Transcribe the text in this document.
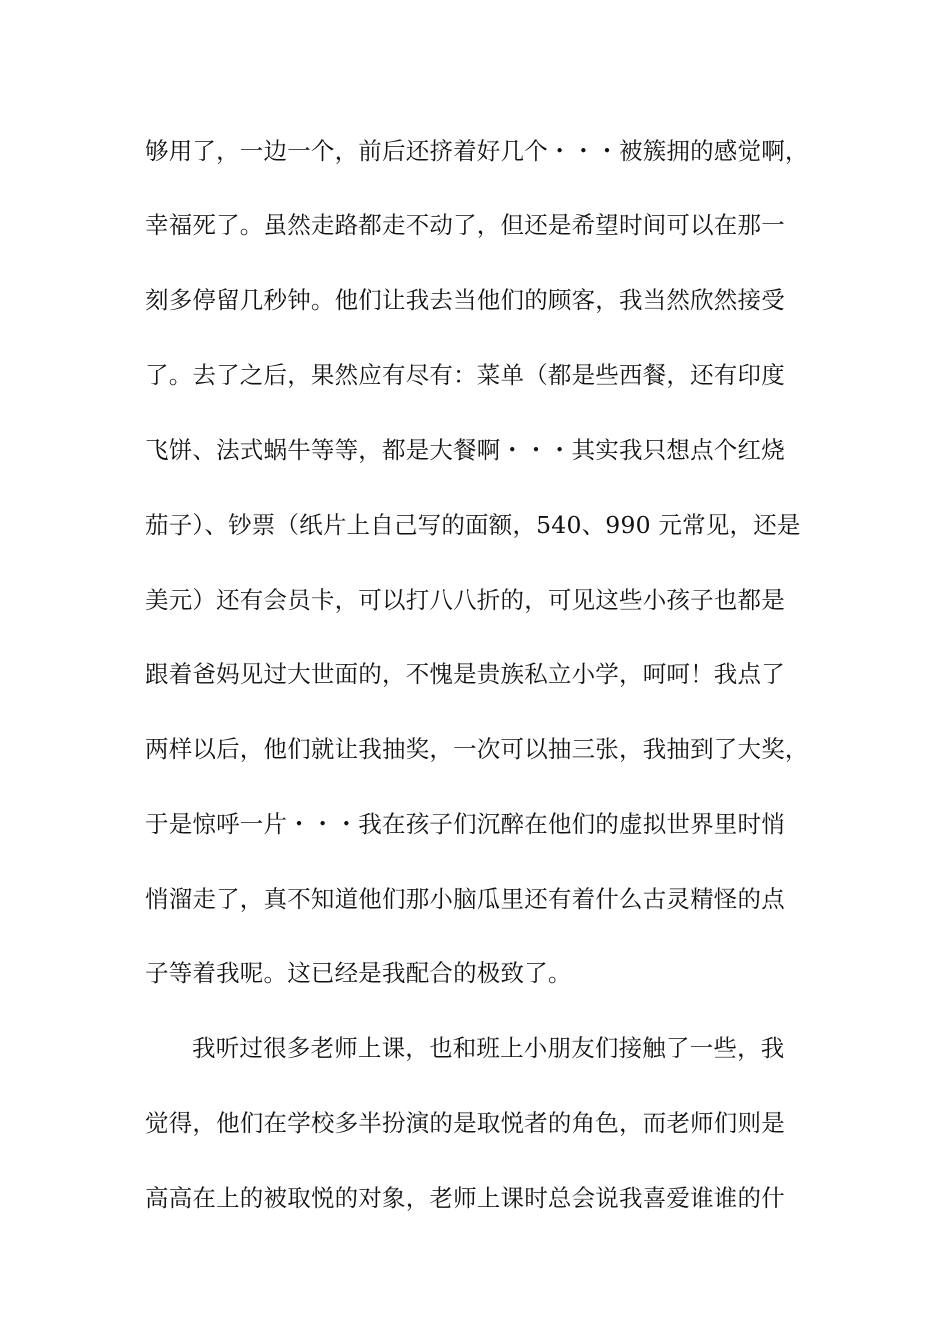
够用了，一边一个，前后还挤着好几个・・・被簇拥的感觉啊，
幸福死了。虽然走路都走不动了，但还是希望时间可以在那一
刻多停留几秒钟。他们让我去当他们的顾客，我当然欣然接受
了。去了之后，果然应有尽有：菜单（都是些西餐，还有印度
飞饼、法式蜗牛等等，都是大餐啊・・・其实我只想点个红烧
茄子）、钞票（纸片上自己写的面额，540、990 元常见，还是
美元）还有会员卡，可以打八八折的，可见这些小孩子也都是
跟着爸妈见过大世面的，不愧是贵族私立小学，呵呵！我点了
两样以后，他们就让我抽奖，一次可以抽三张，我抽到了大奖，
于是惊呼一片・・・我在孩子们沉醉在他们的虚拟世界里时悄
悄溜走了，真不知道他们那小脑瓜里还有着什么古灵精怪的点
子等着我呢。这已经是我配合的极致了。
我听过很多老师上课，也和班上小朋友们接触了一些，我
觉得，他们在学校多半扮演的是取悦者的角色，而老师们则是
高高在上的被取悦的对象，老师上课时总会说我喜爱谁谁的什
